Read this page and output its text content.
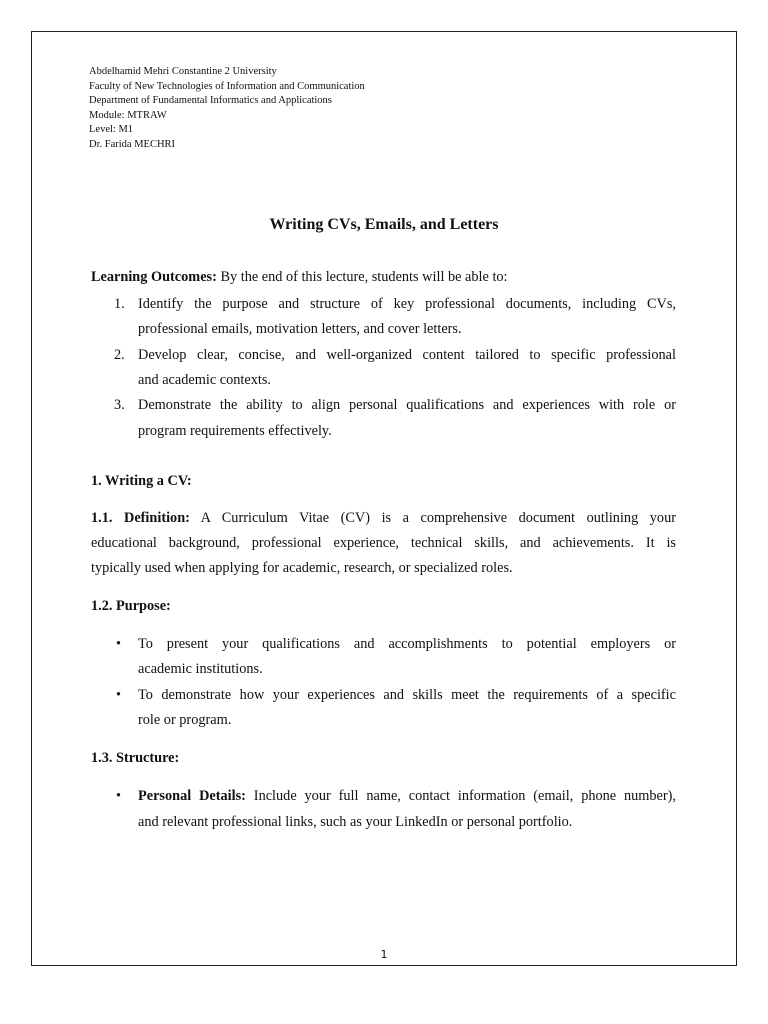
Abdelhamid Mehri Constantine 2 University
Faculty of New Technologies of Information and Communication
Department of Fundamental Informatics and Applications
Module: MTRAW
Level: M1
Dr. Farida MECHRI
Writing CVs, Emails, and Letters
Learning Outcomes: By the end of this lecture, students will be able to:
1. Identify the purpose and structure of key professional documents, including CVs,
professional emails, motivation letters, and cover letters.
2. Develop clear, concise, and well-organized content tailored to specific professional
and academic contexts.
3. Demonstrate the ability to align personal qualifications and experiences with role or
program requirements effectively.
1. Writing a CV:
1.1. Definition: A Curriculum Vitae (CV) is a comprehensive document outlining your
educational background, professional experience, technical skills, and achievements. It is
typically used when applying for academic, research, or specialized roles.
1.2. Purpose:
• To present your qualifications and accomplishments to potential employers or
academic institutions.
• To demonstrate how your experiences and skills meet the requirements of a specific
role or program.
1.3. Structure:
• Personal Details: Include your full name, contact information (email, phone number),
and relevant professional links, such as your LinkedIn or personal portfolio.
1
